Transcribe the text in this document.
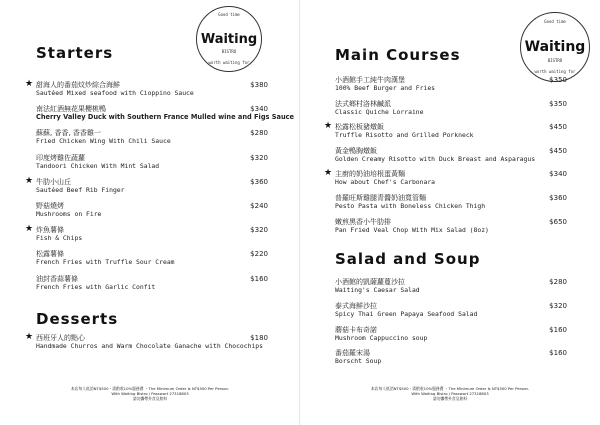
Good time
Waiting
BISTRO
worth waiting for
Starters
★ 甜海人的番茄炆炒綜合海鮮
Sautéed Mixed seafood with Cioppino Sauce
$380
南法紅酒無花果櫻桃鴨
Cherry Valley Duck with Southern France Mulled wine and Figs Sauce
$340
蘇蘇, 香香, 香香雞一
Fried Chicken Wing With Chili Sauce
$280
印度烤雞佐蔬蘿
Tandoori Chicken With Mint Salad
$320
★ 牛肋小山丘
Sautéed Beef Rib Finger
$360
野菇燒烤
Mushrooms on Fire
$240
★ 炸魚薯條
Fish & Chips
$320
松露薯條
French Fries with Truffle Sour Cream
$220
油封香蒜薯條
French Fries with Garlic Confit
$160
Desserts
★ 西班牙人的點心
Handmade Churros and Warm Chocolate Ganache with Chocochips
$180
本店每人低消NT$500・需酌收10%服務費 ・The Minimum Order Is NT$500 Per Person.
With Waiting Bistro / Passwort 27318803
請勿攜帶外食及飲料
Good time
Waiting
BISTRO
worth waiting for
Main Courses
小酒館手工純牛肉漢堡
100% Beef Burger and Fries
$350
法式鄉村洛林鹹派
Classic Quiche Lorraine
$350
★ 松露松板豬燉飯
Truffle Risotto and Grilled Porkneck
$450
黃金鴨胸燉飯
Golden Creamy Risotto with Duck Breast and Asparagus
$450
★ 主廚的奶油培根蛋黃麵
How about Chef's Carbonara
$340
普羅旺斯雞腿青醬奶油寬管麵
Pesto Pasta with Boneless Chicken Thigh
$360
嫩煎黑香小牛肋排
Pan Fried Veal Chop With Mix Salad (8oz)
$650
Salad and Soup
小酒館的凱薩蘿蔓沙拉
Waiting's Caesar Salad
$280
泰式海鮮沙拉
Spicy Thai Green Papaya Seafood Salad
$320
蘑菇卡布奇諾
Mushroom Cappuccino soup
$160
番茄羅宋湯
Borscht Soup
$160
本店每人低消NT$500・需酌收10%服務費 ・The Minimum Order Is NT$500 Per Person.
With Waiting Bistro / Passwort 27318803
請勿攜帶外食及飲料
